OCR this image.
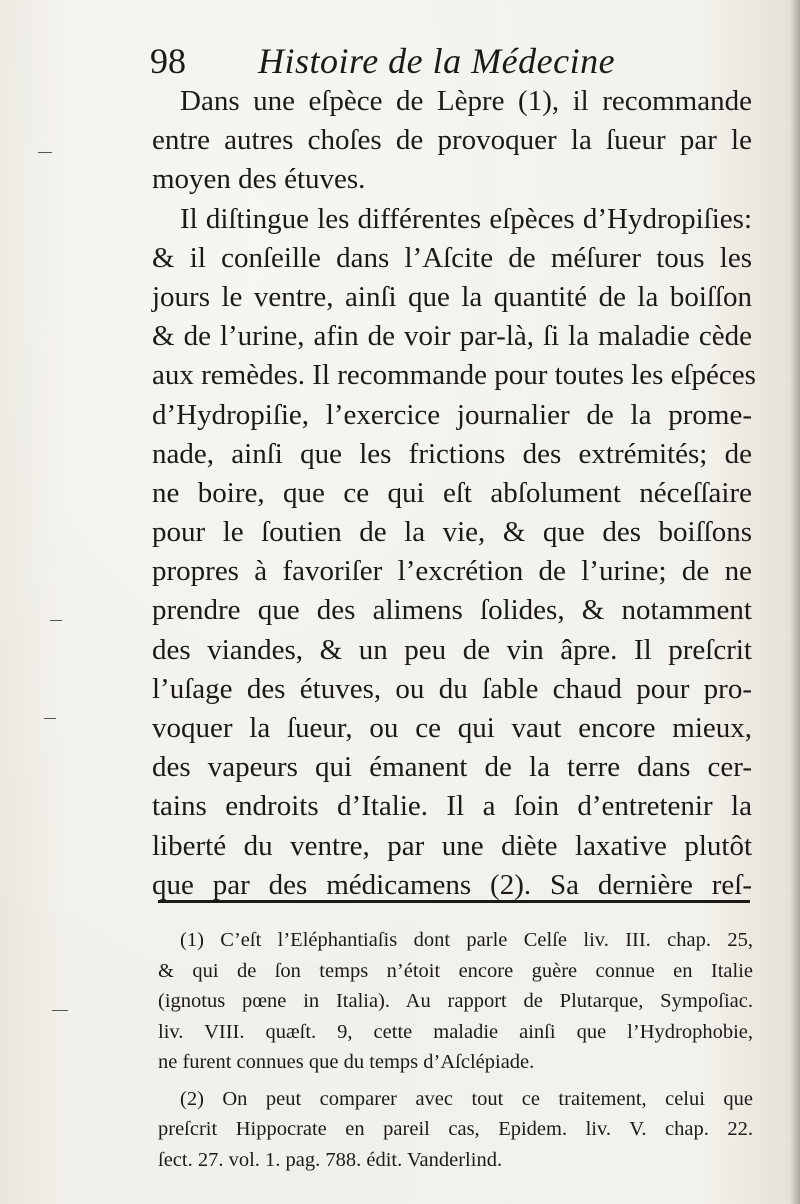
98 Histoire de la Médecine
Dans une eſpèce de Lèpre (1), il recommande
entre autres choſes de provoquer la ſueur par le
moyen des étuves.
Il diſtingue les différentes eſpèces d’Hydropiſies:
& il conſeille dans l’Aſcite de méſurer tous les
jours le ventre, ainſi que la quantité de la boiſſon
& de l’urine, afin de voir par-là, ſi la maladie cède
aux remèdes. Il recommande pour toutes les eſpéces
d’Hydropiſie, l’exercice journalier de la prome-
nade, ainſi que les frictions des extrémités; de
ne boire, que ce qui eſt abſolument néceſſaire
pour le ſoutien de la vie, & que des boiſſons
propres à favoriſer l’excrétion de l’urine; de ne
prendre que des alimens ſolides, & notamment
des viandes, & un peu de vin âpre. Il preſcrit
l’uſage des étuves, ou du ſable chaud pour pro-
voquer la ſueur, ou ce qui vaut encore mieux,
des vapeurs qui émanent de la terre dans cer-
tains endroits d’Italie. Il a ſoin d’entretenir la
liberté du ventre, par une diète laxative plutôt
que par des médicamens (2). Sa dernière reſ-
(1) C’eſt l’Eléphantiaſis dont parle Celſe liv. III. chap. 25,
& qui de ſon temps n’étoit encore guère connue en Italie
(ignotus pœne in Italia). Au rapport de Plutarque, Sympoſiac.
liv. VIII. quæſt. 9, cette maladie ainſi que l’Hydrophobie,
ne furent connues que du temps d’Aſclépiade.
(2) On peut comparer avec tout ce traitement, celui que
preſcrit Hippocrate en pareil cas, Epidem. liv. V. chap. 22.
ſect. 27. vol. 1. pag. 788. édit. Vanderlind.
